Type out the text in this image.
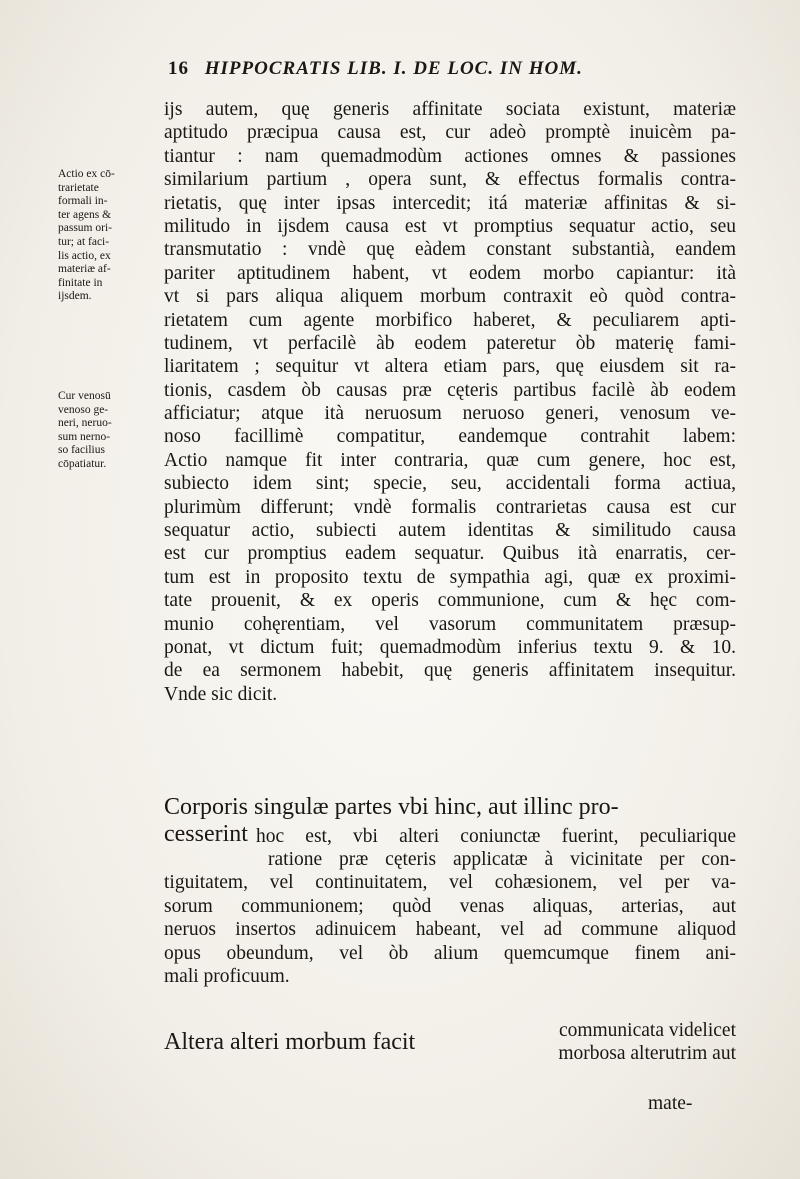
16 HIPPOCRATIS LIB. I. DE LOC. IN HOM.
Actio ex cō-
trarietate
formali in-
ter agens &
passum ori-
tur; at faci-
lis actio, ex
materiæ af-
finitate in
ijsdem.
Cur venosū
venoso ge-
neri, neruo-
sum nerno-
so facilius
cōpatiatur.
ijs autem, quę generis affinitate sociata existunt, materiæ
aptitudo præcipua causa est, cur adeò promptè inuicèm pa-
tiantur : nam quemadmodùm actiones omnes & passiones
similarium partium , opera sunt, & effectus formalis contra-
rietatis, quę inter ipsas intercedit; itá materiæ affinitas & si-
militudo in ijsdem causa est vt promptius sequatur actio, seu
transmutatio : vndè quę eàdem constant substantià, eandem
pariter aptitudinem habent, vt eodem morbo capiantur: ità
vt si pars aliqua aliquem morbum contraxit eò quòd contra-
rietatem cum agente morbifico haberet, & peculiarem apti-
tudinem, vt perfacilè àb eodem pateretur òb materię fami-
liaritatem ; sequitur vt altera etiam pars, quę eiusdem sit ra-
tionis, casdem òb causas præ cęteris partibus facilè àb eodem
afficiatur; atque ità neruosum neruoso generi, venosum ve-
noso facillimè compatitur, eandemque contrahit labem:
Actio namque fit inter contraria, quæ cum genere, hoc est,
subiecto idem sint; specie, seu, accidentali forma actiua,
plurimùm differunt; vndè formalis contrarietas causa est cur
sequatur actio, subiecti autem identitas & similitudo causa
est cur promptius eadem sequatur. Quibus ità enarratis, cer-
tum est in proposito textu de sympathia agi, quæ ex proximi-
tate prouenit, & ex operis communione, cum & hęc com-
munio cohęrentiam, vel vasorum communitatem præsup-
ponat, vt dictum fuit; quemadmodùm inferius textu 9. & 10.
de ea sermonem habebit, quę generis affinitatem insequitur.
Vnde sic dicit.
Corporis singulæ partes vbi hinc, aut illinc pro-
cesserint hoc est, vbi alteri coniunctæ fuerint, peculiarique
ratione præ cęteris applicatæ à vicinitate per con-
tiguitatem, vel continuitatem, vel cohæsionem, vel per va-
sorum communionem; quòd venas aliquas, arterias, aut
neruos insertos adinuicem habeant, vel ad commune aliquod
opus obeundum, vel òb alium quemcumque finem ani-
mali proficuum.
Altera alteri morbum facit	communicata videlicet
morbosa alterutrim aut
mate-
